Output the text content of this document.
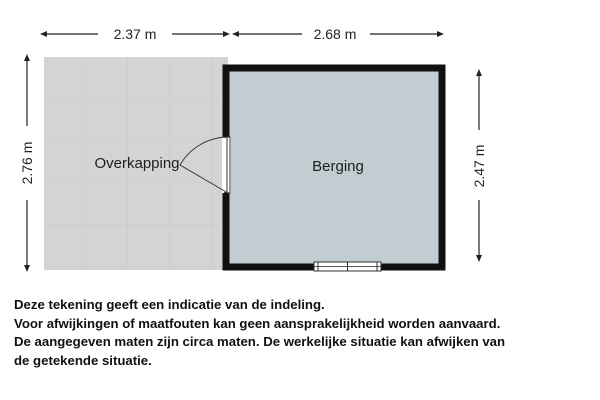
2.37 m	2.68 m
2.76 m	2.47 m
Overkapping	Berging
Deze tekening geeft een indicatie van de indeling.
Voor afwijkingen of maatfouten kan geen aansprakelijkheid worden aanvaard.
De aangegeven maten zijn circa maten. De werkelijke situatie kan afwijken van
de getekende situatie.
